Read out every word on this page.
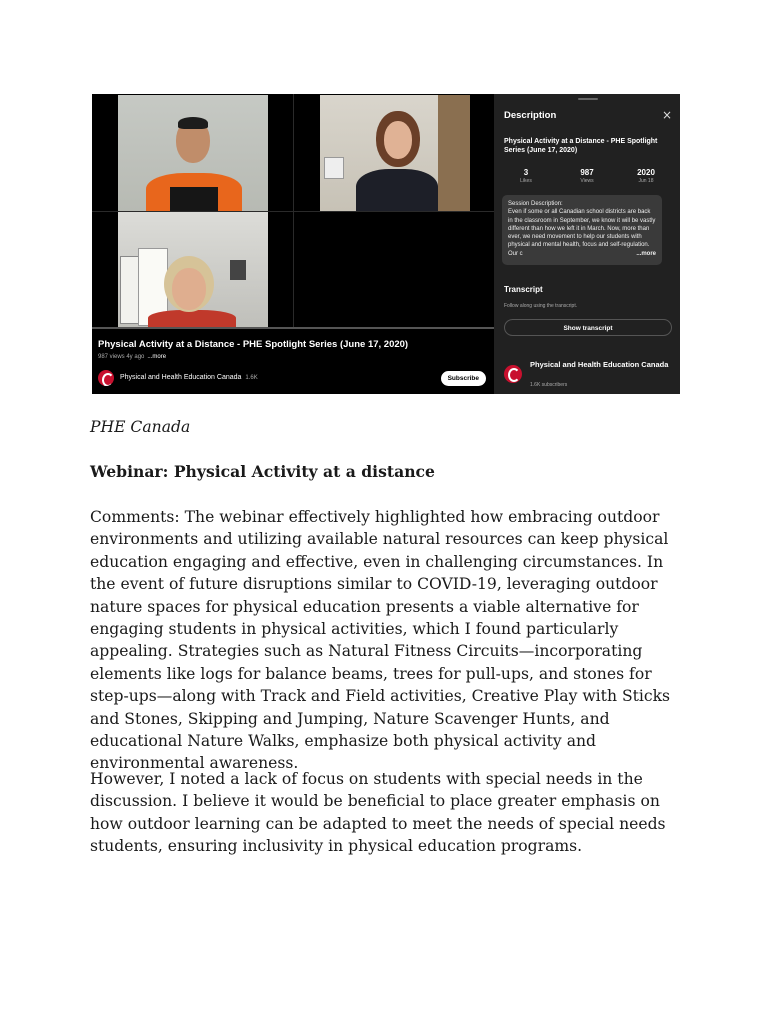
Physical Activity at a Distance - PHE Spotlight Series (June 17, 2020)
987 views 4y ago ...more
Physical and Health Education Canada 1.6K	Subscribe
Description	×
Physical Activity at a Distance - PHE Spotlight Series (June 17, 2020)
3
Likes
987
Views
2020
Jun 18
Session Description:
Even if some or all Canadian school districts are back in the classroom in September, we know it will be vastly different than how we left it in March. Now, more than ever, we need movement to help our students with physical and mental health, focus and self-regulation. Our c	...more
Transcript
Follow along using the transcript.
Show transcript
Physical and Health Education Canada
1.6K subscribers

PHE Canada

Webinar: Physical Activity at a distance

Comments: The webinar effectively highlighted how embracing outdoor environments and utilizing available natural resources can keep physical education engaging and effective, even in challenging circumstances. In the event of future disruptions similar to COVID-19, leveraging outdoor nature spaces for physical education presents a viable alternative for engaging students in physical activities, which I found particularly appealing. Strategies such as Natural Fitness Circuits—incorporating elements like logs for balance beams, trees for pull-ups, and stones for step-ups—along with Track and Field activities, Creative Play with Sticks and Stones, Skipping and Jumping, Nature Scavenger Hunts, and educational Nature Walks, emphasize both physical activity and environmental awareness.

However, I noted a lack of focus on students with special needs in the discussion. I believe it would be beneficial to place greater emphasis on how outdoor learning can be adapted to meet the needs of special needs students, ensuring inclusivity in physical education programs.
